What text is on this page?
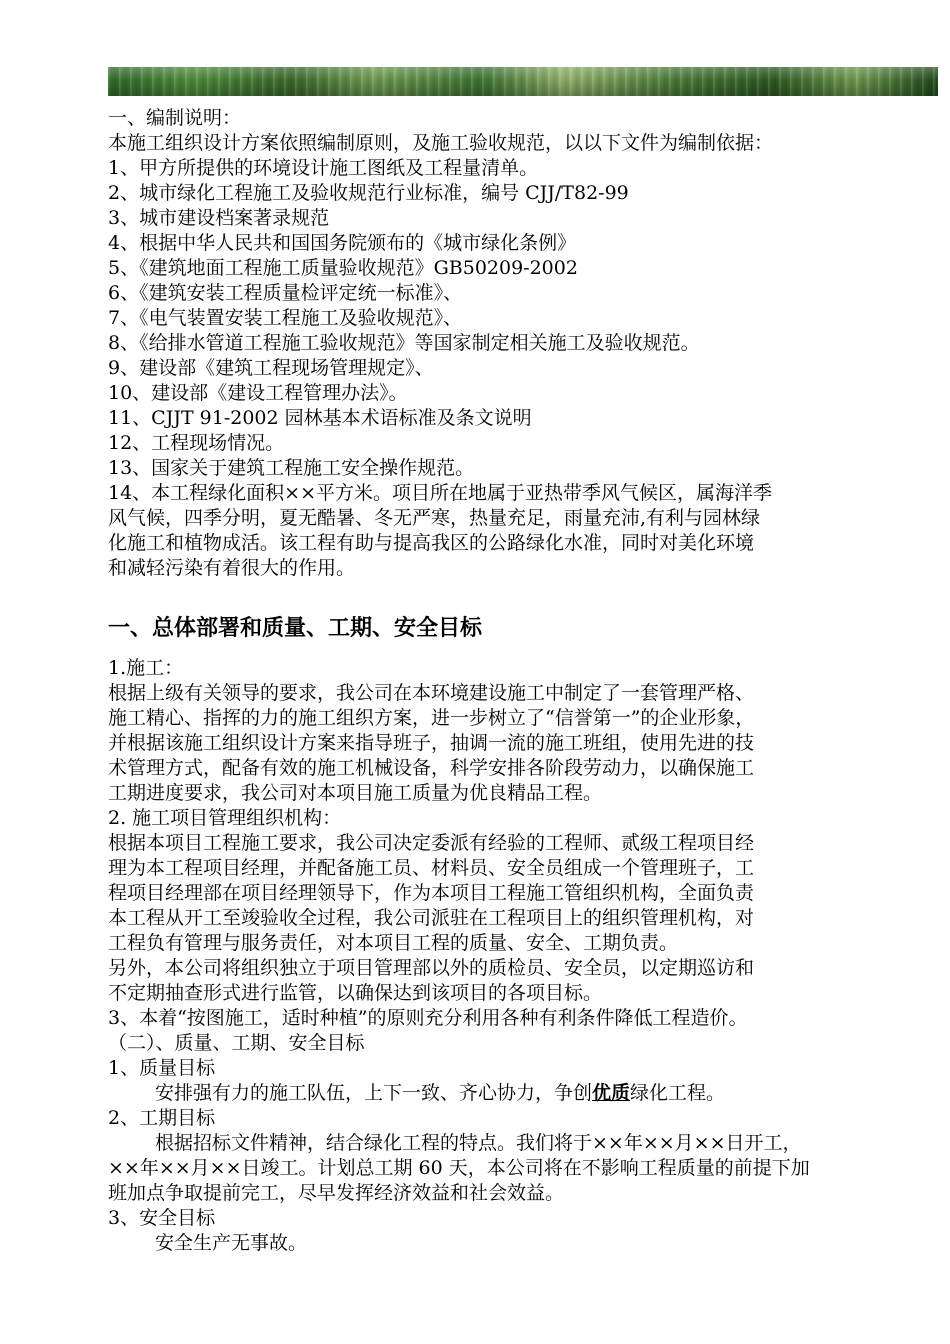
一、编制说明：
本施工组织设计方案依照编制原则，及施工验收规范，以以下文件为编制依据：
1、甲方所提供的环境设计施工图纸及工程量清单。
2、城市绿化工程施工及验收规范行业标准，编号 CJJ/T82-99
3、城市建设档案著录规范
4、根据中华人民共和国国务院颁布的《城市绿化条例》
5、《建筑地面工程施工质量验收规范》GB50209-2002
6、《建筑安装工程质量检评定统一标准》、
7、《电气装置安装工程施工及验收规范》、
8、《给排水管道工程施工验收规范》等国家制定相关施工及验收规范。
9、建设部《建筑工程现场管理规定》、
10、建设部《建设工程管理办法》。
11、CJJT 91-2002 园林基本术语标准及条文说明
12、工程现场情况。
13、国家关于建筑工程施工安全操作规范。
14、本工程绿化面积××平方米。项目所在地属于亚热带季风气候区，属海洋季
风气候，四季分明，夏无酷暑、冬无严寒，热量充足，雨量充沛,有利与园林绿
化施工和植物成活。该工程有助与提高我区的公路绿化水准，同时对美化环境
和减轻污染有着很大的作用。
一、总体部署和质量、工期、安全目标
1.施工：
根据上级有关领导的要求，我公司在本环境建设施工中制定了一套管理严格、
施工精心、指挥的力的施工组织方案，进一步树立了“信誉第一”的企业形象，
并根据该施工组织设计方案来指导班子，抽调一流的施工班组，使用先进的技
术管理方式，配备有效的施工机械设备，科学安排各阶段劳动力，以确保施工
工期进度要求，我公司对本项目施工质量为优良精品工程。
2. 施工项目管理组织机构：
根据本项目工程施工要求，我公司决定委派有经验的工程师、贰级工程项目经
理为本工程项目经理，并配备施工员、材料员、安全员组成一个管理班子，工
程项目经理部在项目经理领导下，作为本项目工程施工管组织机构，全面负责
本工程从开工至竣验收全过程，我公司派驻在工程项目上的组织管理机构，对
工程负有管理与服务责任，对本项目工程的质量、安全、工期负责。
另外，本公司将组织独立于项目管理部以外的质检员、安全员，以定期巡访和
不定期抽查形式进行监管，以确保达到该项目的各项目标。
3、本着“按图施工，适时种植”的原则充分利用各种有利条件降低工程造价。
（二）、质量、工期、安全目标
1、质量目标
安排强有力的施工队伍，上下一致、齐心协力，争创优质绿化工程。
2、工期目标
根据招标文件精神，结合绿化工程的特点。我们将于××年××月××日开工，
××年××月××日竣工。计划总工期 60 天，本公司将在不影响工程质量的前提下加
班加点争取提前完工，尽早发挥经济效益和社会效益。
3、安全目标
安全生产无事故。
